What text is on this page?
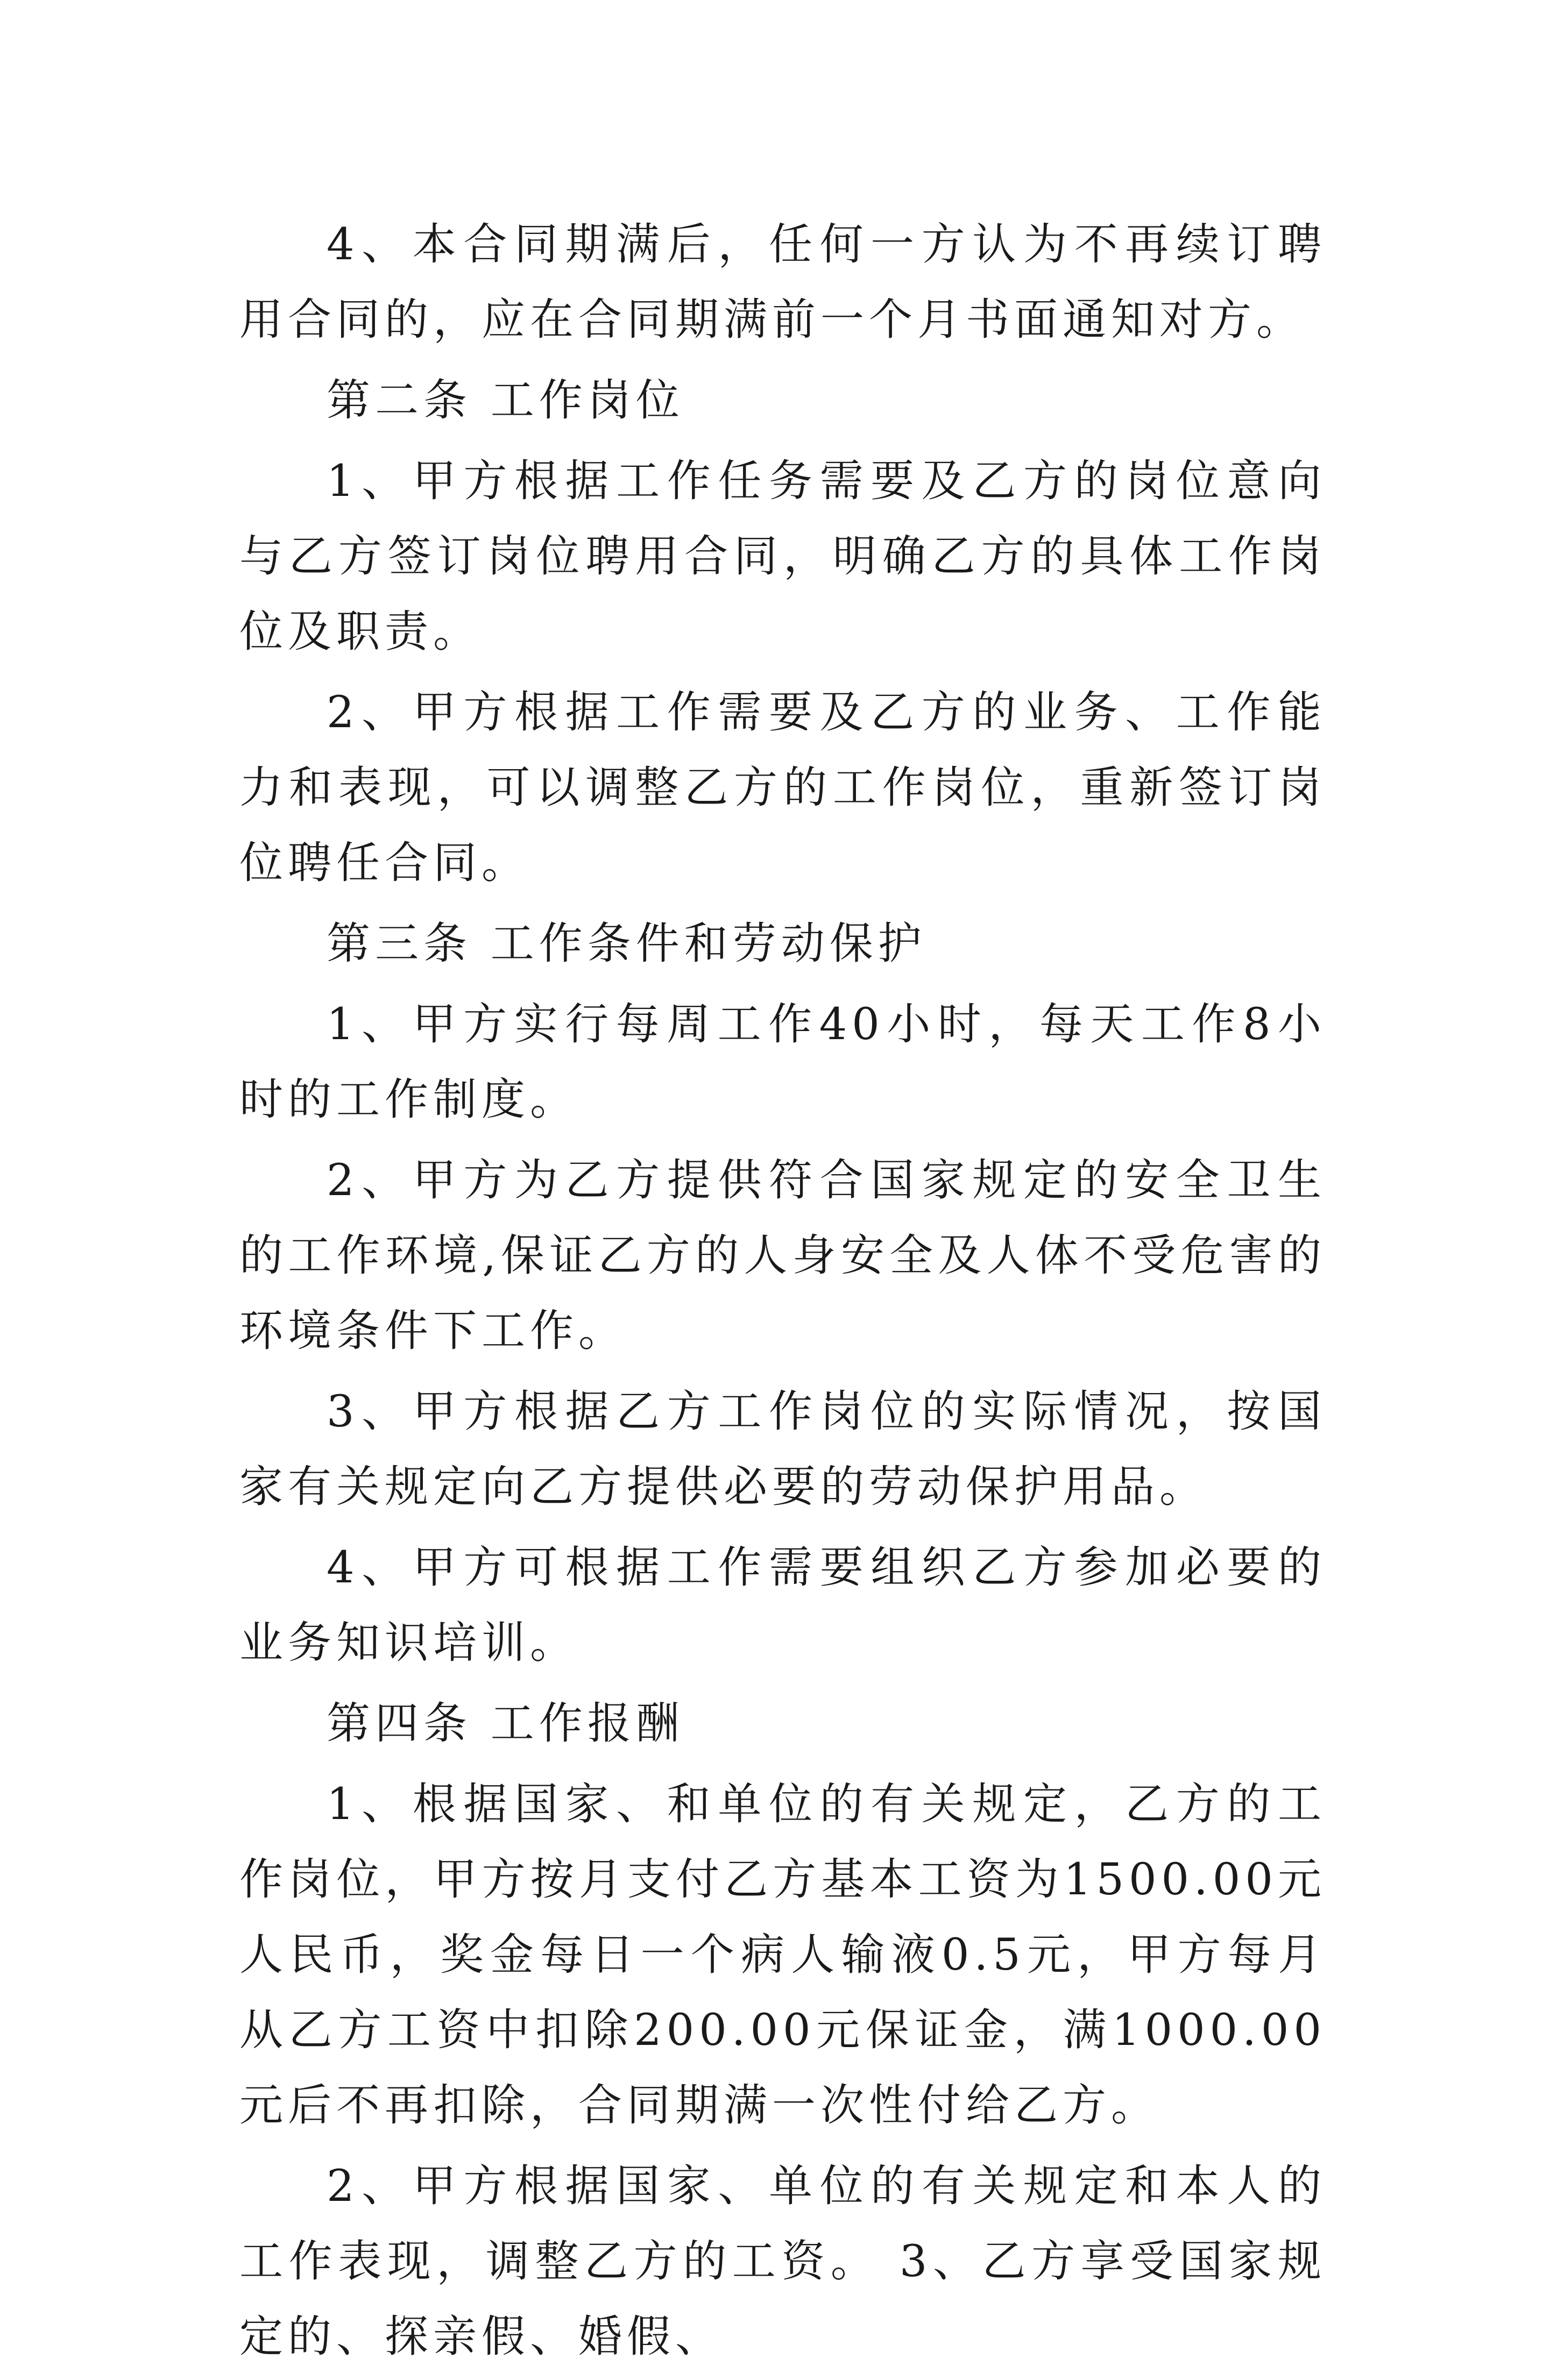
4、本合同期满后，任何一方认为不再续订聘用合同的，应在合同期满前一个月书面通知对方。

第二条 工作岗位

1、甲方根据工作任务需要及乙方的岗位意向与乙方签订岗位聘用合同，明确乙方的具体工作岗位及职责。

2、甲方根据工作需要及乙方的业务、工作能力和表现，可以调整乙方的工作岗位，重新签订岗位聘任合同。

第三条 工作条件和劳动保护

1、甲方实行每周工作40小时，每天工作8小时的工作制度。

2、甲方为乙方提供符合国家规定的安全卫生的工作环境,保证乙方的人身安全及人体不受危害的环境条件下工作。

3、甲方根据乙方工作岗位的实际情况，按国家有关规定向乙方提供必要的劳动保护用品。

4、甲方可根据工作需要组织乙方参加必要的业务知识培训。

第四条 工作报酬

1、根据国家、和单位的有关规定，乙方的工作岗位，甲方按月支付乙方基本工资为1500.00元人民币，奖金每日一个病人输液0.5元，甲方每月从乙方工资中扣除200.00元保证金，满1000.00元后不再扣除，合同期满一次性付给乙方。

2、甲方根据国家、单位的有关规定和本人的工作表现，调整乙方的工资。 3、乙方享受国家规定的、探亲假、婚假、
